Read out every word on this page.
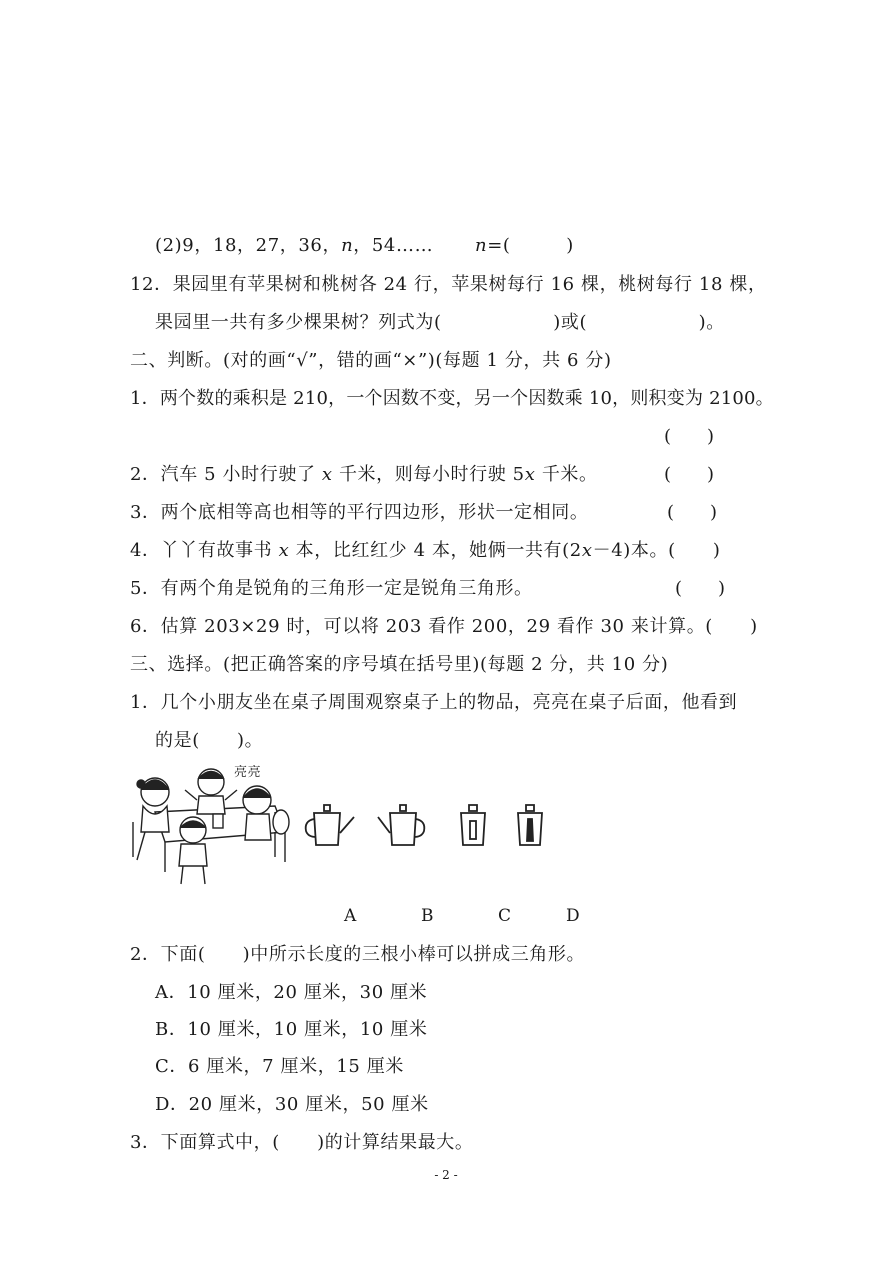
(2)9，18，27，36，n，54…… n=(　　　)
12．果园里有苹果树和桃树各 24 行，苹果树每行 16 棵，桃树每行 18 棵，
果园里一共有多少棵果树？列式为(　　　　　　)或(　　　　　　)。
二、判断。(对的画“√”，错的画“×”)(每题 1 分，共 6 分)
1．两个数的乘积是 210，一个因数不变，另一个因数乘 10，则积变为 2100。
(　　)
2．汽车 5 小时行驶了 x 千米，则每小时行驶 5x 千米。	(　　)
3．两个底相等高也相等的平行四边形，形状一定相同。	(　　)
4．丫丫有故事书 x 本，比红红少 4 本，她俩一共有(2x－4)本。(　　)
5．有两个角是锐角的三角形一定是锐角三角形。	(　　)
6．估算 203×29 时，可以将 203 看作 200，29 看作 30 来计算。(　　)
三、选择。(把正确答案的序号填在括号里)(每题 2 分，共 10 分)
1．几个小朋友坐在桌子周围观察桌子上的物品，亮亮在桌子后面，他看到
的是(　　)。
亮亮
A	B	C	D
2．下面(　　)中所示长度的三根小棒可以拼成三角形。
A．10 厘米，20 厘米，30 厘米
B．10 厘米，10 厘米，10 厘米
C．6 厘米，7 厘米，15 厘米
D．20 厘米，30 厘米，50 厘米
3．下面算式中，(　　)的计算结果最大。
- 2 -
